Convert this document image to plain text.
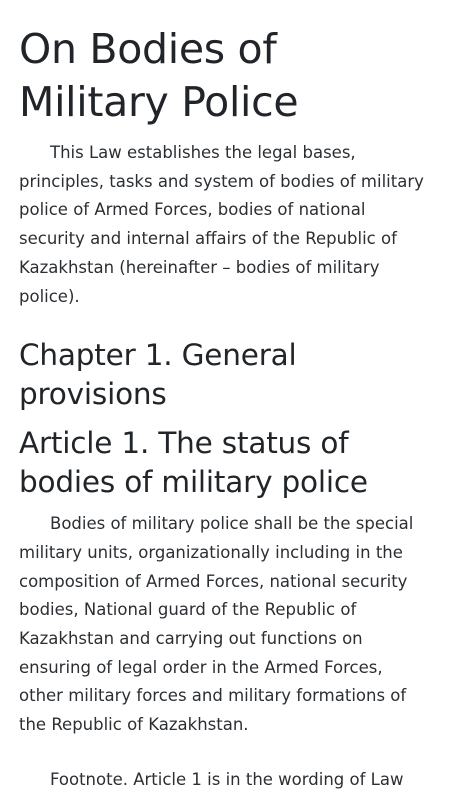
On Bodies of Military Police

This Law establishes the legal bases, principles, tasks and system of bodies of military police of Armed Forces, bodies of national security and internal affairs of the Republic of Kazakhstan (hereinafter – bodies of military police).

Chapter 1. General provisions
Article 1. The status of bodies of military police

Bodies of military police shall be the special military units, organizationally including in the composition of Armed Forces, national security bodies, National guard of the Republic of Kazakhstan and carrying out functions on ensuring of legal order in the Armed Forces, other military forces and military formations of the Republic of Kazakhstan.

Footnote. Article 1 is in the wording of Law
